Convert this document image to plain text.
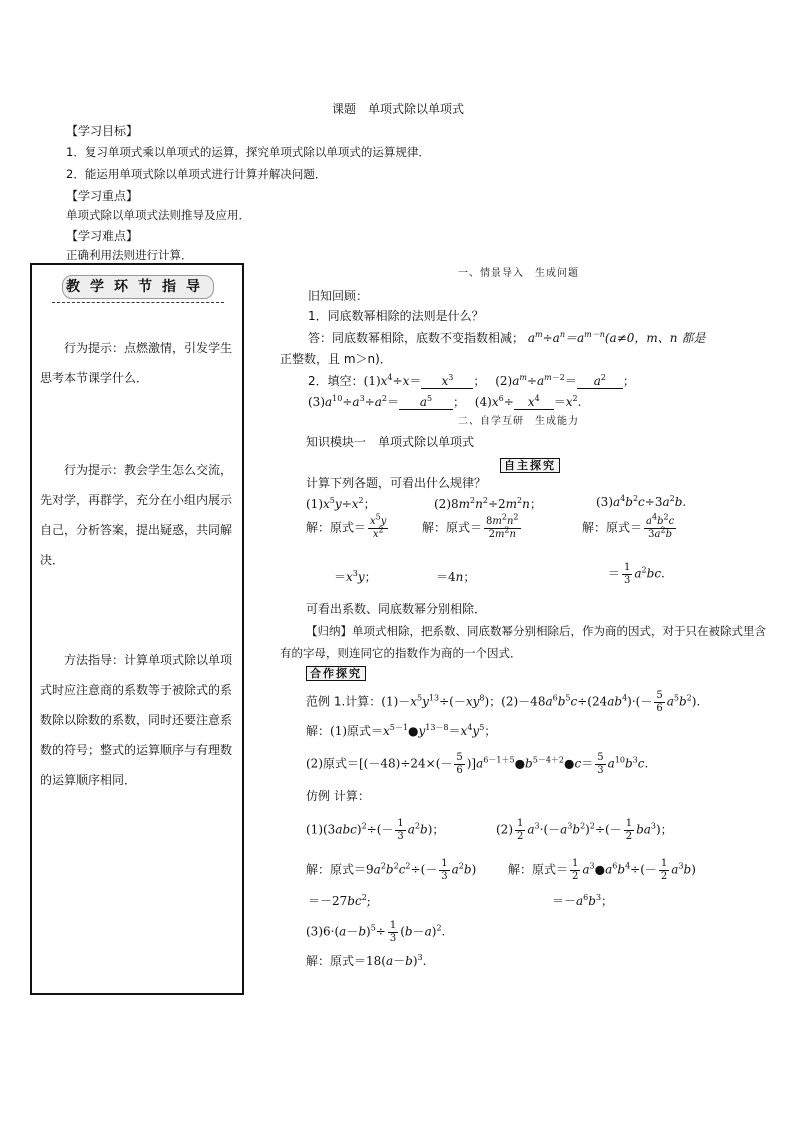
课题　单项式除以单项式
【学习目标】
1．复习单项式乘以单项式的运算，探究单项式除以单项式的运算规律．
2．能运用单项式除以单项式进行计算并解决问题．
【学习重点】
单项式除以单项式法则推导及应用．
【学习难点】
正确利用法则进行计算．
教学环节指导
行为提示：点燃激情，引发学生思考本节课学什么．
行为提示：教会学生怎么交流，先对学，再群学，充分在小组内展示自己，分析答案，提出疑惑，共同解决．
方法指导：计算单项式除以单项式时应注意商的系数等于被除式的系数除以除数的系数，同时还要注意系数的符号；整式的运算顺序与有理数的运算顺序相同．
一、情景导入　生成问题
旧知回顾：
1．同底数幂相除的法则是什么？
答：同底数幂相除，底数不变指数相减； $a^m\div a^n=a^{m-n}(a\ne 0$，m、n 都是
正整数，且 m＞n)．
2．填空：$(1)x^4\div x= x^3$ ；　 $(2)a^m\div a^{m-2}= a^2$ ；
$(3)a^{10}\div a^3\div a^2= a^5$ ；　 $(4)x^6\div x^4 =x^2$.
二、自学互研　生成能力
知识模块一　单项式除以单项式
自主探究
计算下列各题，可看出什么规律？
$(1)x^5y\div x^2$；	$(2)8m^2n^2\div 2m^2n$；	$(3)a^4b^2c\div 3a^2b$.
解：原式＝ $\frac{x^5y}{x^2}$	解：原式＝ $\frac{8m^2n^2}{2m^2n}$	解：原式＝ $\frac{a^4b^2c}{3a^2b}$
$=x^3y$；	＝4n；	＝ $\frac{1}{3} a^2bc$.
可看出系数、同底数幂分别相除．
【归纳】单项式相除，把系数、同底数幂分别相除后，作为商的因式，对于只在被除式里含有的字母，则连同它的指数作为商的一个因式．
合作探究
范例 1.计算：$(1)-x^5y^{13}\div(-xy^8)$；$(2)-48a^6b^5c\div(24ab^4)\cdot(- \frac{5}{6} a^5b^2)$.
解：(1)原式$=x^{5-1}●y^{13-8}=x^4y^5$；
(2)原式$=[(-48)\div 24\times(- \frac{5}{6}$ )]$a^{6-1+5}●b^{5-4+2}●c= \frac{5}{3} a^{10}b^3c$.
仿例 计算：
$(1)(3abc)^2\div(- \frac{1}{3} a^2b)$；	$(2) \frac{1}{2} a^3\cdot(-a^3b^2)^2\div(- \frac{1}{2} ba^3)$；
解：原式$=9a^2b^2c^2\div(- \frac{1}{3} a^2b)$	解：原式＝ $\frac{1}{2}$ $a^3●a^6b^4\div(- \frac{1}{2} a^3b)$
$=-27bc^2$;	$=-a^6b^3$；
$(3)6\cdot(a-b)^5\div \frac{1}{3} (b-a)^2$.
解：原式$=18(a-b)^3$.
